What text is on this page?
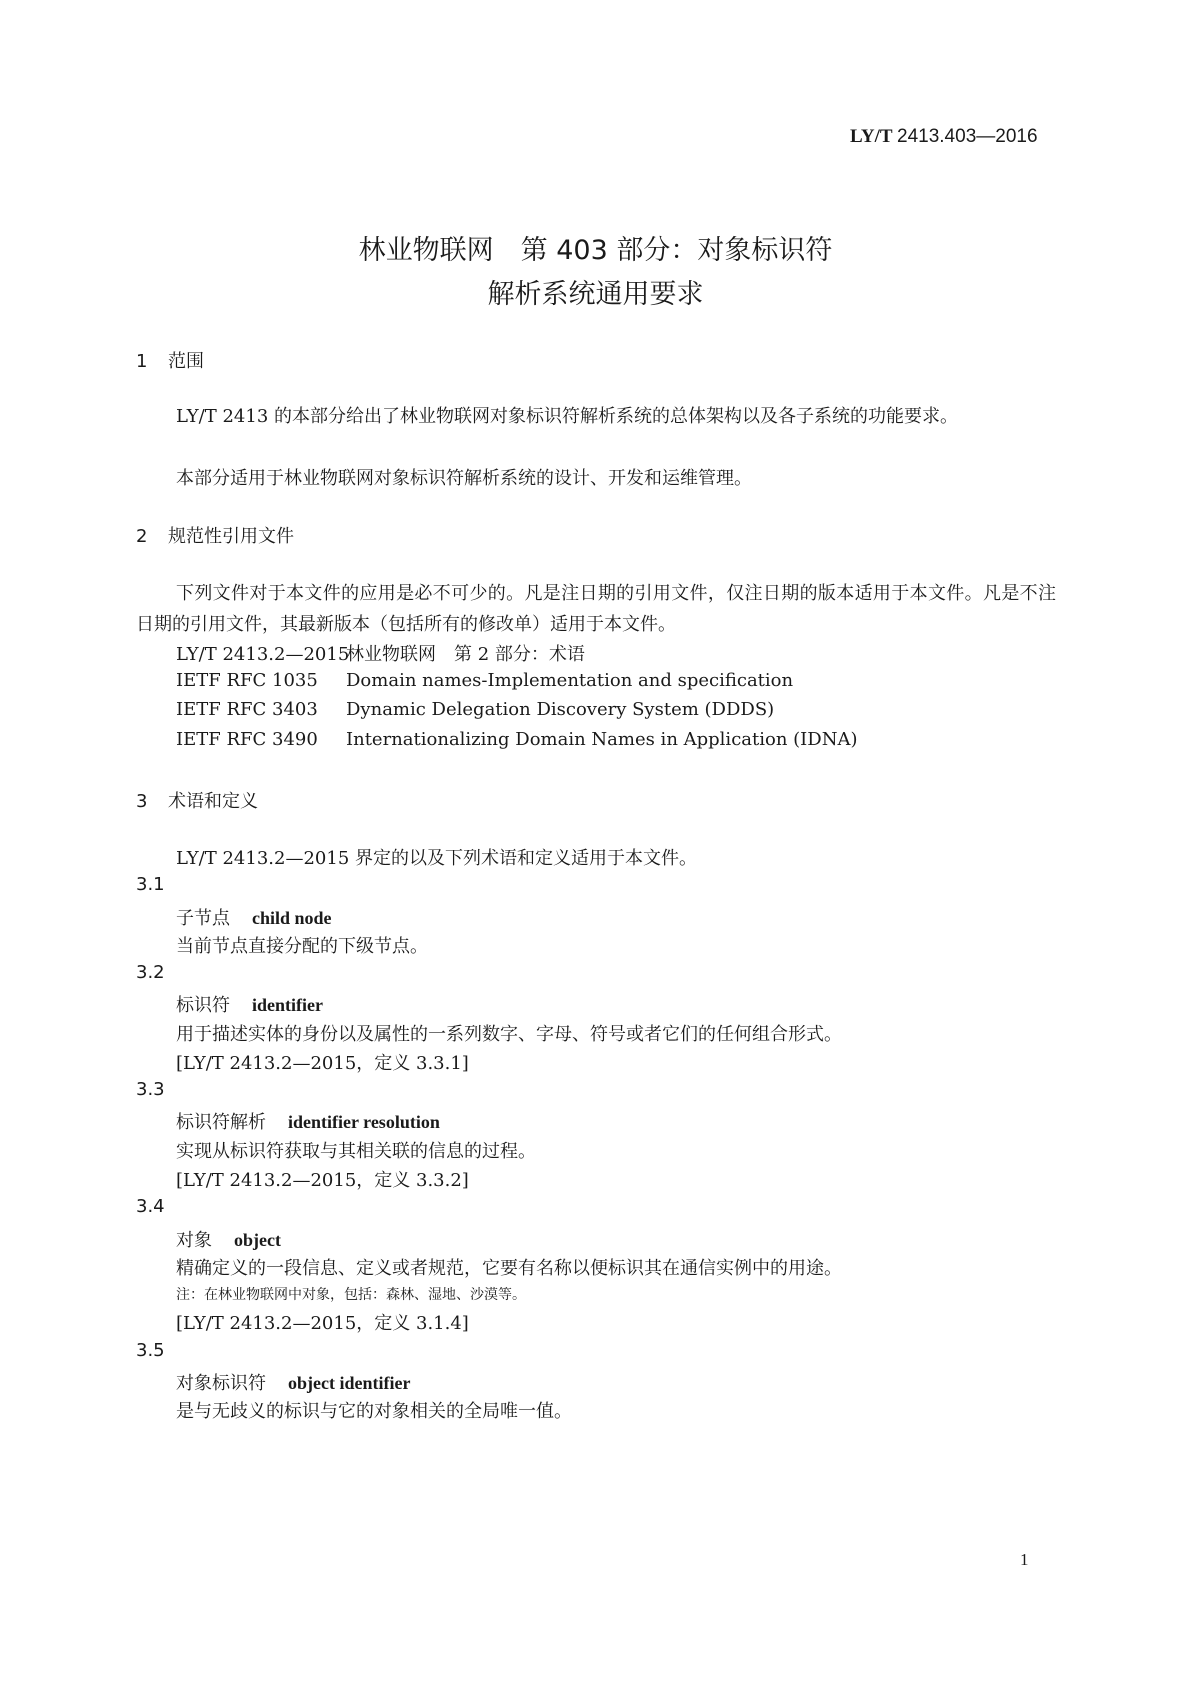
LY/T 2413.403—2016
林业物联网　第 403 部分：对象标识符
解析系统通用要求
1 范围
LY/T 2413 的本部分给出了林业物联网对象标识符解析系统的总体架构以及各子系统的功能要求。
本部分适用于林业物联网对象标识符解析系统的设计、开发和运维管理。
2 规范性引用文件
下列文件对于本文件的应用是必不可少的。凡是注日期的引用文件，仅注日期的版本适用于本文件。凡是不注日期的引用文件，其最新版本（包括所有的修改单）适用于本文件。
LY/T 2413.2—2015林业物联网　第 2 部分：术语
IETF RFC 1035 Domain names-Implementation and specification
IETF RFC 3403 Dynamic Delegation Discovery System (DDDS)
IETF RFC 3490 Internationalizing Domain Names in Application (IDNA)
3 术语和定义
LY/T 2413.2—2015 界定的以及下列术语和定义适用于本文件。
3.1
子节点 child node
当前节点直接分配的下级节点。
3.2
标识符 identifier
用于描述实体的身份以及属性的一系列数字、字母、符号或者它们的任何组合形式。
[LY/T 2413.2—2015，定义 3.3.1]
3.3
标识符解析 identifier resolution
实现从标识符获取与其相关联的信息的过程。
[LY/T 2413.2—2015，定义 3.3.2]
3.4
对象 object
精确定义的一段信息、定义或者规范，它要有名称以便标识其在通信实例中的用途。
注：在林业物联网中对象，包括：森林、湿地、沙漠等。
[LY/T 2413.2—2015，定义 3.1.4]
3.5
对象标识符 object identifier
是与无歧义的标识与它的对象相关的全局唯一值。
1
